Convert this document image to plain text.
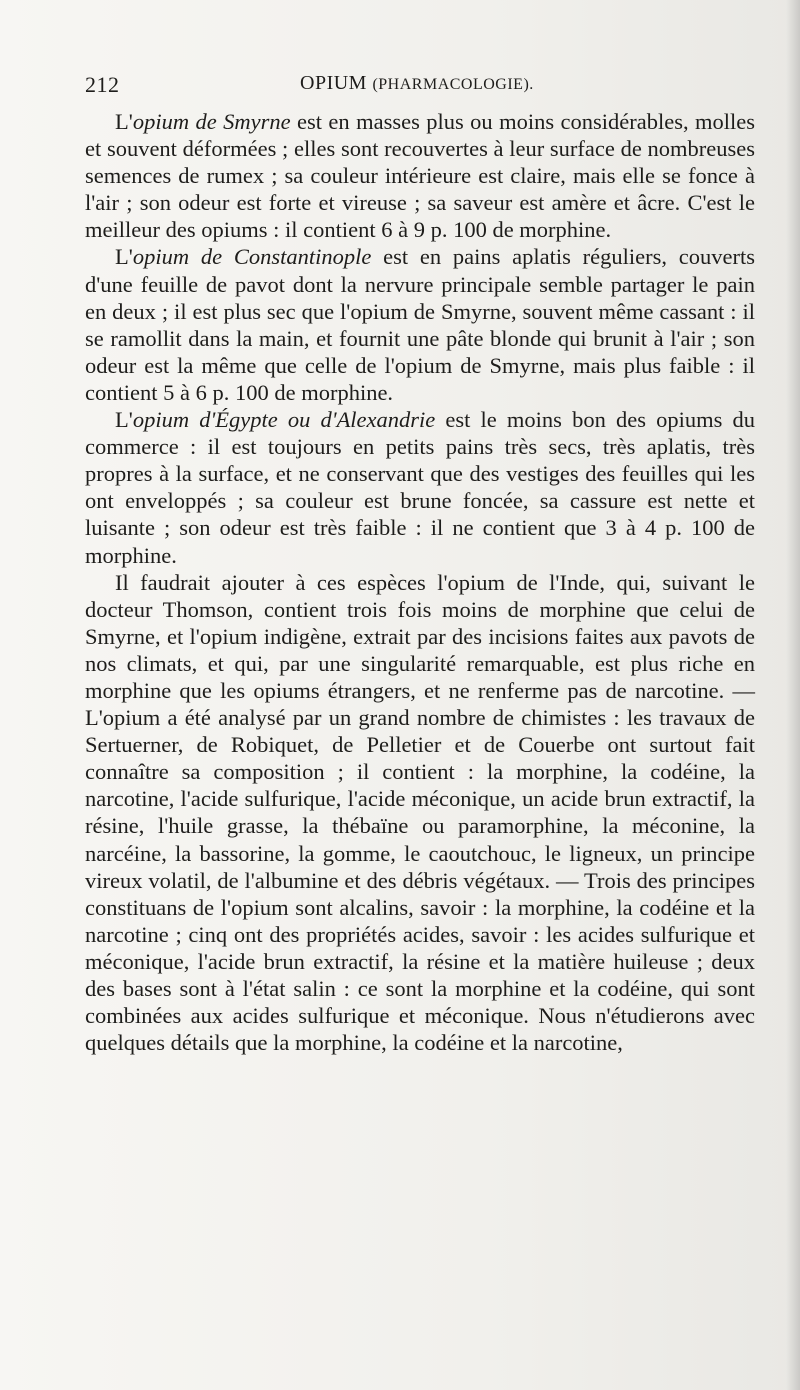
212	OPIUM (PHARMACOLOGIE).

L'opium de Smyrne est en masses plus ou moins considérables, molles et souvent déformées ; elles sont recouvertes à leur surface de nombreuses semences de rumex ; sa couleur intérieure est claire, mais elle se fonce à l'air ; son odeur est forte et vireuse ; sa saveur est amère et âcre. C'est le meilleur des opiums : il contient 6 à 9 p. 100 de morphine.

L'opium de Constantinople est en pains aplatis réguliers, couverts d'une feuille de pavot dont la nervure principale semble partager le pain en deux ; il est plus sec que l'opium de Smyrne, souvent même cassant : il se ramollit dans la main, et fournit une pâte blonde qui brunit à l'air ; son odeur est la même que celle de l'opium de Smyrne, mais plus faible : il contient 5 à 6 p. 100 de morphine.

L'opium d'Égypte ou d'Alexandrie est le moins bon des opiums du commerce : il est toujours en petits pains très secs, très aplatis, très propres à la surface, et ne conservant que des vestiges des feuilles qui les ont enveloppés ; sa couleur est brune foncée, sa cassure est nette et luisante ; son odeur est très faible : il ne contient que 3 à 4 p. 100 de morphine.

Il faudrait ajouter à ces espèces l'opium de l'Inde, qui, suivant le docteur Thomson, contient trois fois moins de morphine que celui de Smyrne, et l'opium indigène, extrait par des incisions faites aux pavots de nos climats, et qui, par une singularité remarquable, est plus riche en morphine que les opiums étrangers, et ne renferme pas de narcotine. — L'opium a été analysé par un grand nombre de chimistes : les travaux de Sertuerner, de Robiquet, de Pelletier et de Couerbe ont surtout fait connaître sa composition ; il contient : la morphine, la codéine, la narcotine, l'acide sulfurique, l'acide méconique, un acide brun extractif, la résine, l'huile grasse, la thébaïne ou paramorphine, la méconine, la narcéine, la bassorine, la gomme, le caoutchouc, le ligneux, un principe vireux volatil, de l'albumine et des débris végétaux. — Trois des principes constituans de l'opium sont alcalins, savoir : la morphine, la codéine et la narcotine ; cinq ont des propriétés acides, savoir : les acides sulfurique et méconique, l'acide brun extractif, la résine et la matière huileuse ; deux des bases sont à l'état salin : ce sont la morphine et la codéine, qui sont combinées aux acides sulfurique et méconique. Nous n'étudierons avec quelques détails que la morphine, la codéine et la narcotine,
